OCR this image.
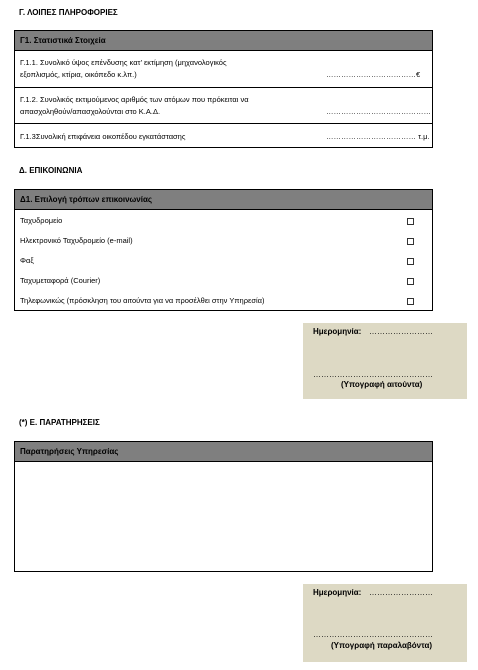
Γ. ΛΟΙΠΕΣ ΠΛΗΡΟΦΟΡΙΕΣ
Γ1. Στατιστικά Στοιχεία
Γ.1.1. Συνολικό ύψος επένδυσης κατ’ εκτίμηση (μηχανολογικός
εξοπλισμός, κτίρια, οικόπεδο κ.λπ.)	………………………………€
Γ.1.2. Συνολικός εκτιμούμενος αριθμός των ατόμων που πρόκειται να
απασχοληθούν/απασχολούνται στο Κ.Α.Δ.	……………………………………
Γ.1.3Συνολική επιφάνεια οικοπέδου εγκατάστασης	……………………………… τ.μ.
Δ. ΕΠΙΚΟΙΝΩΝΙΑ
Δ1. Επιλογή τρόπων επικοινωνίας
Ταχυδρομείο
Ηλεκτρονικό Ταχυδρομείο (e-mail)
Φαξ
Ταχυμεταφορά (Courier)
Τηλεφωνικώς (πρόσκληση του αιτούντα για να προσέλθει στην Υπηρεσία)
Ημερομηνία: ……………………
………………………………………
(Υπογραφή αιτούντα)
(*) Ε. ΠΑΡΑΤΗΡΗΣΕΙΣ
Παρατηρήσεις Υπηρεσίας
Ημερομηνία: ……………………
………………………………………
(Υπογραφή παραλαβόντα)
